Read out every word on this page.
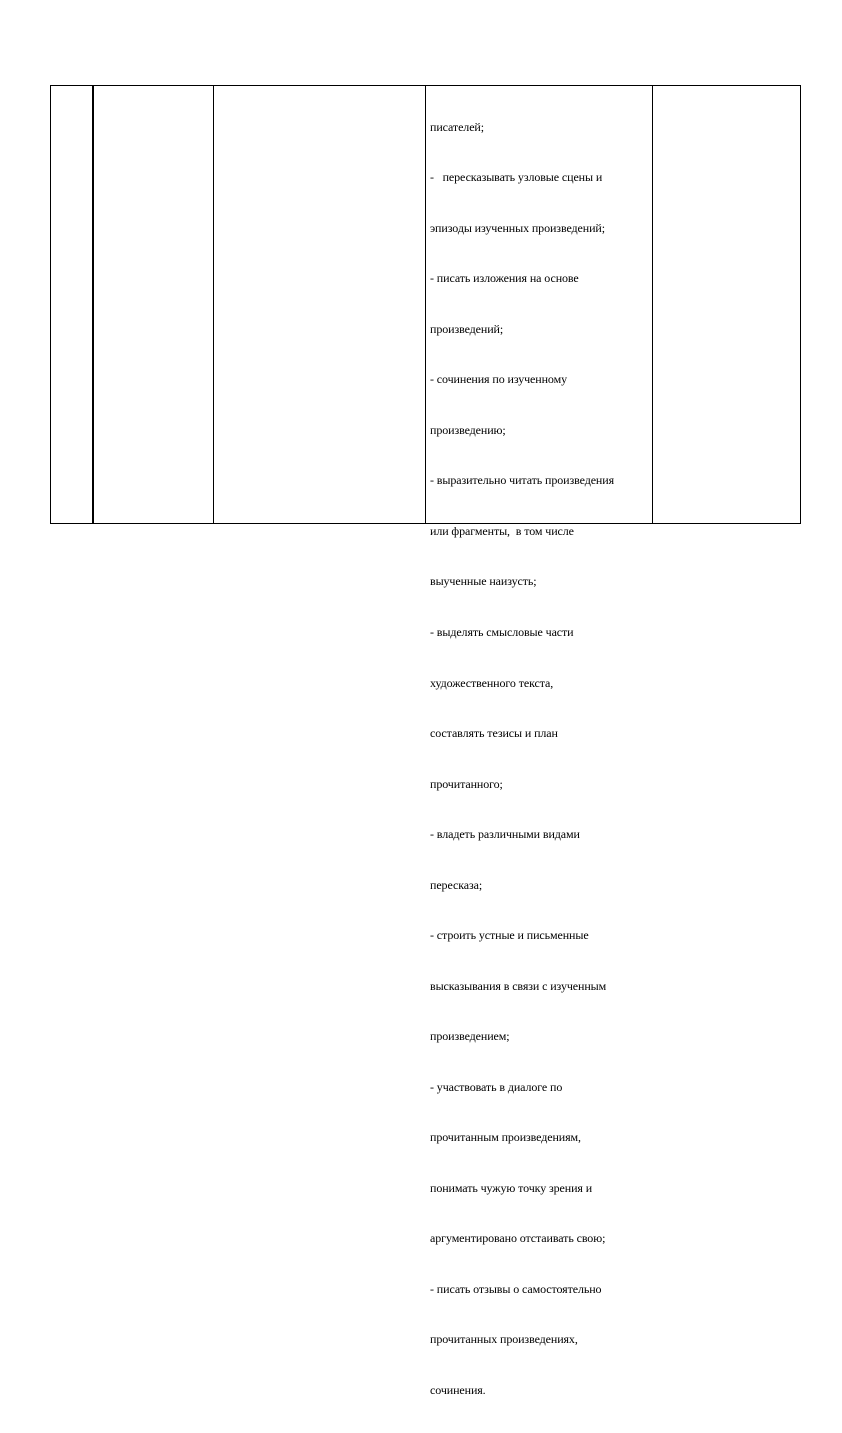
писателей;

-   пересказывать узловые сцены и

эпизоды изученных произведений;

- писать изложения на основе

произведений;

- сочинения по изученному

произведению;

- выразительно читать произведения

или фрагменты,  в том числе

выученные наизусть;

- выделять смысловые части

художественного текста,

составлять тезисы и план

прочитанного;

- владеть различными видами

пересказа;

- строить устные и письменные

высказывания в связи с изученным

произведением;

- участвовать в диалоге по

прочитанным произведениям,

понимать чужую точку зрения и

аргументировано отстаивать свою;

- писать отзывы о самостоятельно

прочитанных произведениях,

сочинения.
